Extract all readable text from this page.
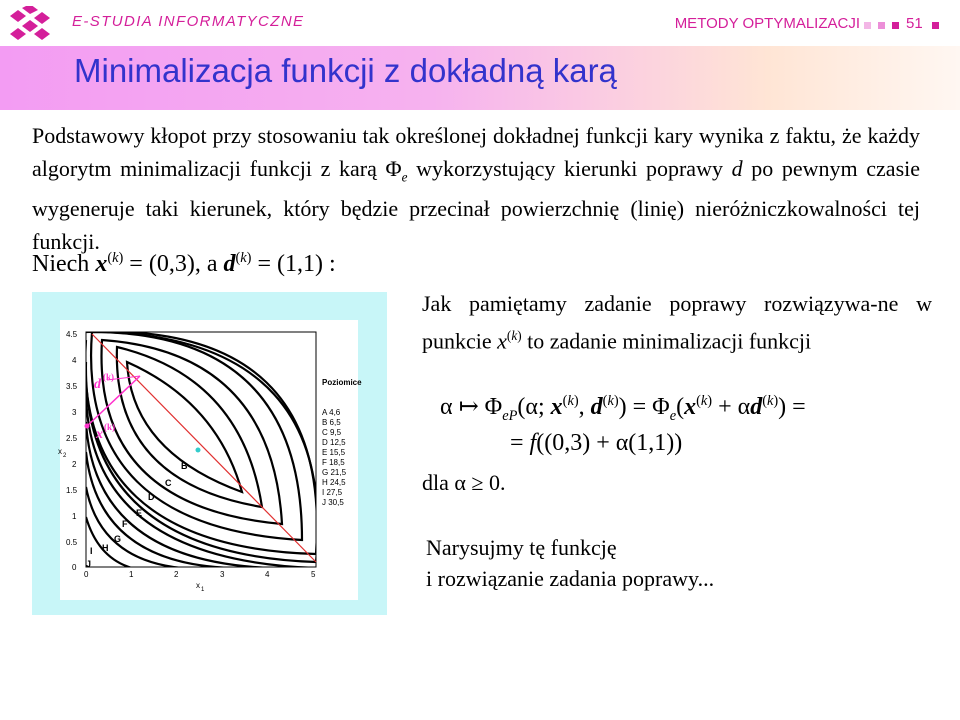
E-STUDIA INFORMATYCZNE	METODY OPTYMALIZACJI	51
Minimalizacja funkcji z dokładną karą

Podstawowy kłopot przy stosowaniu tak określonej dokładnej funkcji kary wynika z faktu, że każdy algorytm minimalizacji funkcji z karą $\Phi_e$ wykorzystujący kierunki poprawy d po pewnym czasie wygeneruje taki kierunek, który będzie przecinał powierzchnię (linię) nieróżniczkowalności tej funkcji.

Niech $x^{(k)} = (0,3)$, a $d^{(k)} = (1,1)$ :
0	1	2	3	4	5
x 1
0
0.5
1
1.5
2
2.5
3
3.5
4
4.5
x 2
B
C
D
E
F
G
H
I
J
Poziomice
A 4,6
B 6,5
C 9,5
D 12,5
E 15,5
F 18,5
G 21,5
H 24,5
I 27,5
J 30,5
d (k)
x (k)

Jak pamiętamy zadanie poprawy rozwiązywa-ne w punkcie $x^{(k)}$ to zadanie minimalizacji funkcji

α ↦ $\Phi_{eP}(\alpha$; $x^{(k)}$, $d^{(k)}) = \Phi_e(x^{(k)} + \alpha d^{(k)})$ =
= f((0,3) + α(1,1))
dla α ≥ 0.
Narysujmy tę funkcję
i rozwiązanie zadania poprawy...
